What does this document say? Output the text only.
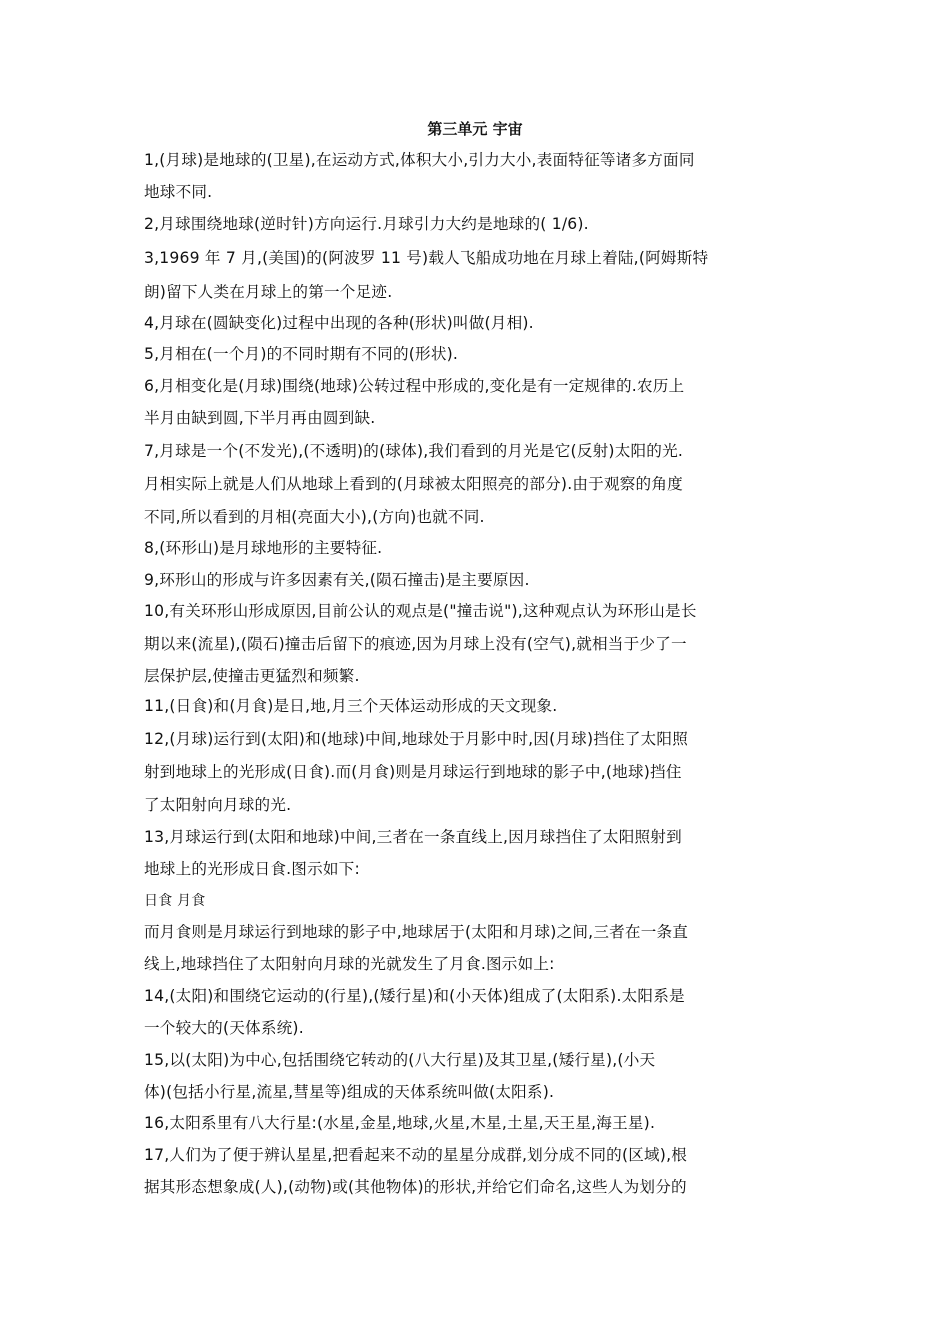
第三单元 宇宙
1,(月球)是地球的(卫星),在运动方式,体积大小,引力大小,表面特征等诸多方面同
地球不同.
2,月球围绕地球(逆时针)方向运行.月球引力大约是地球的( 1/6).
3,1969 年 7 月,(美国)的(阿波罗 11 号)载人飞船成功地在月球上着陆,(阿姆斯特
朗)留下人类在月球上的第一个足迹.
4,月球在(圆缺变化)过程中出现的各种(形状)叫做(月相).
5,月相在(一个月)的不同时期有不同的(形状).
6,月相变化是(月球)围绕(地球)公转过程中形成的,变化是有一定规律的.农历上
半月由缺到圆,下半月再由圆到缺.
7,月球是一个(不发光),(不透明)的(球体),我们看到的月光是它(反射)太阳的光.
月相实际上就是人们从地球上看到的(月球被太阳照亮的部分).由于观察的角度
不同,所以看到的月相(亮面大小),(方向)也就不同.
8,(环形山)是月球地形的主要特征.
9,环形山的形成与许多因素有关,(陨石撞击)是主要原因.
10,有关环形山形成原因,目前公认的观点是("撞击说"),这种观点认为环形山是长
期以来(流星),(陨石)撞击后留下的痕迹,因为月球上没有(空气),就相当于少了一
层保护层,使撞击更猛烈和频繁.
11,(日食)和(月食)是日,地,月三个天体运动形成的天文现象.
12,(月球)运行到(太阳)和(地球)中间,地球处于月影中时,因(月球)挡住了太阳照
射到地球上的光形成(日食).而(月食)则是月球运行到地球的影子中,(地球)挡住
了太阳射向月球的光.
13,月球运行到(太阳和地球)中间,三者在一条直线上,因月球挡住了太阳照射到
地球上的光形成日食.图示如下:
日食 月食
而月食则是月球运行到地球的影子中,地球居于(太阳和月球)之间,三者在一条直
线上,地球挡住了太阳射向月球的光就发生了月食.图示如上:
14,(太阳)和围绕它运动的(行星),(矮行星)和(小天体)组成了(太阳系).太阳系是
一个较大的(天体系统).
15,以(太阳)为中心,包括围绕它转动的(八大行星)及其卫星,(矮行星),(小天
体)(包括小行星,流星,彗星等)组成的天体系统叫做(太阳系).
16,太阳系里有八大行星:(水星,金星,地球,火星,木星,土星,天王星,海王星).
17,人们为了便于辨认星星,把看起来不动的星星分成群,划分成不同的(区域),根
据其形态想象成(人),(动物)或(其他物体)的形状,并给它们命名,这些人为划分的
